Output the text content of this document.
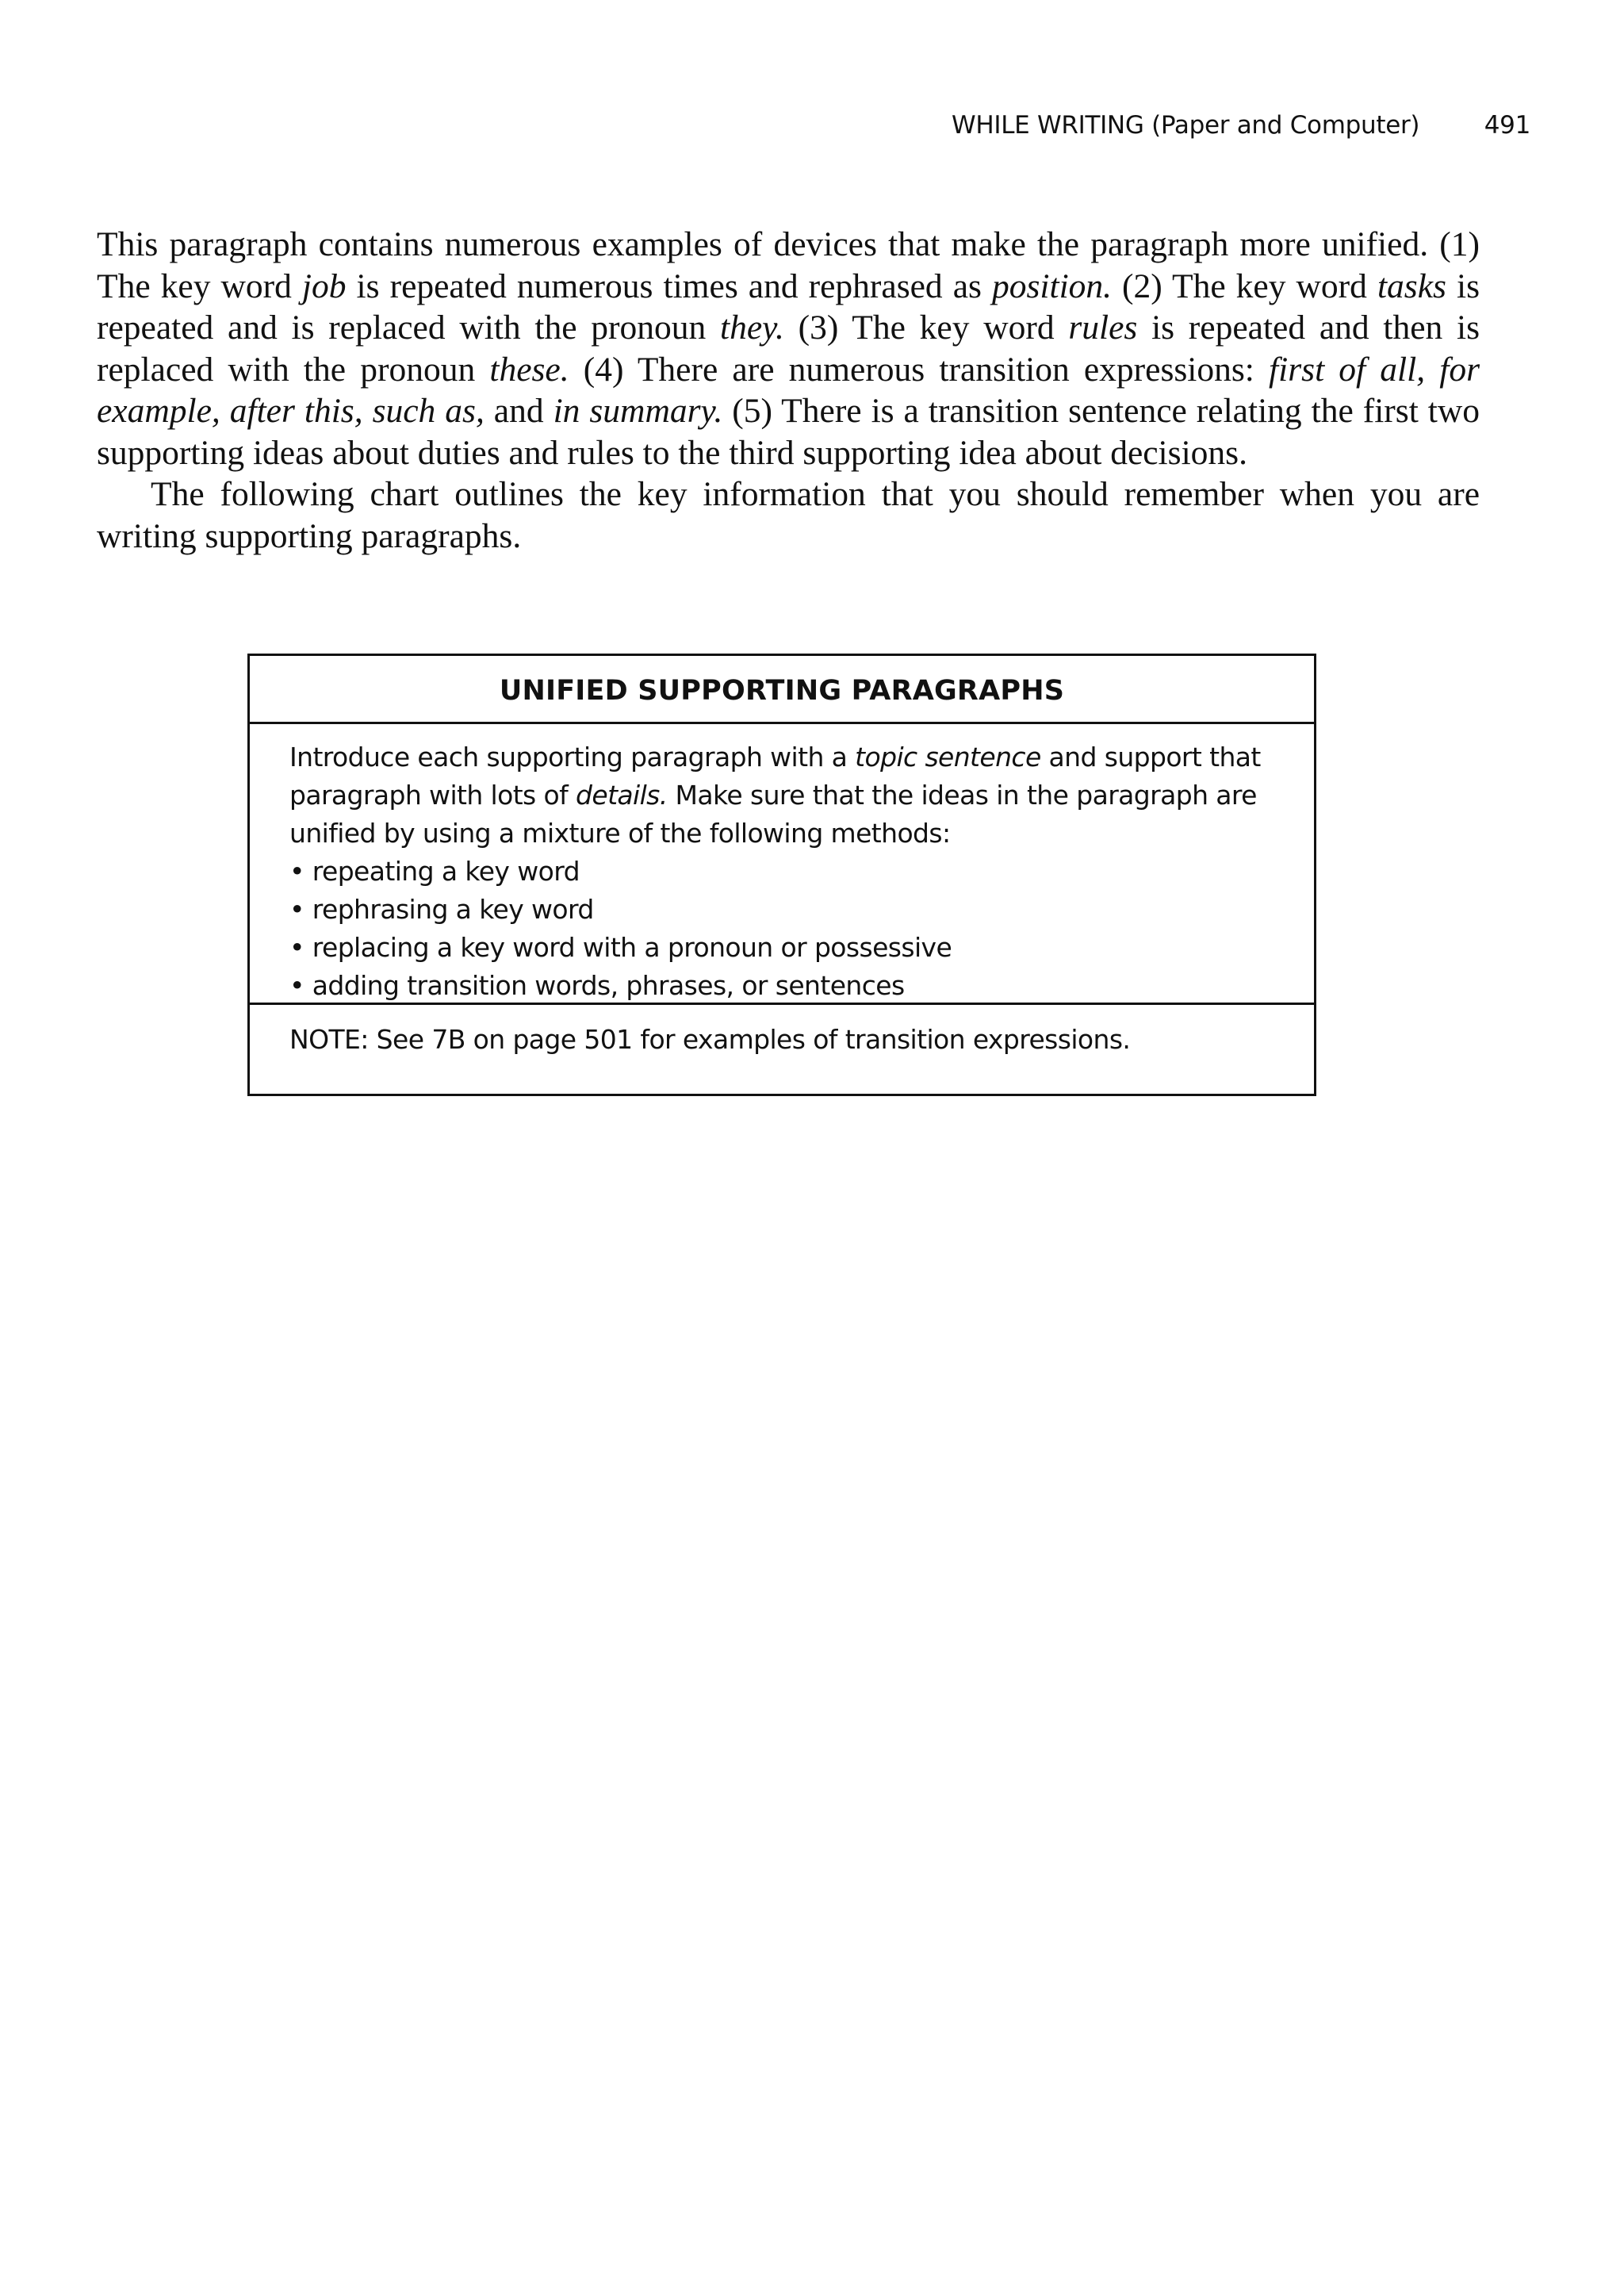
WHILE WRITING (Paper and Computer)	491

This paragraph contains numerous examples of devices that make the paragraph more unified. (1) The key word job is repeated numerous times and rephrased as position. (2) The key word tasks is repeated and is replaced with the pronoun they. (3) The key word rules is repeated and then is replaced with the pronoun these. (4) There are numerous transition expressions: first of all, for example, after this, such as, and in summary. (5) There is a transition sentence relating the first two supporting ideas about duties and rules to the third supporting idea about decisions.

The following chart outlines the key information that you should remember when you are writing supporting paragraphs.

UNIFIED SUPPORTING PARAGRAPHS

Introduce each supporting paragraph with a topic sentence and support that paragraph with lots of details. Make sure that the ideas in the paragraph are unified by using a mixture of the following methods:

• repeating a key word
• rephrasing a key word
• replacing a key word with a pronoun or possessive
• adding transition words, phrases, or sentences
NOTE: See 7B on page 501 for examples of transition expressions.
